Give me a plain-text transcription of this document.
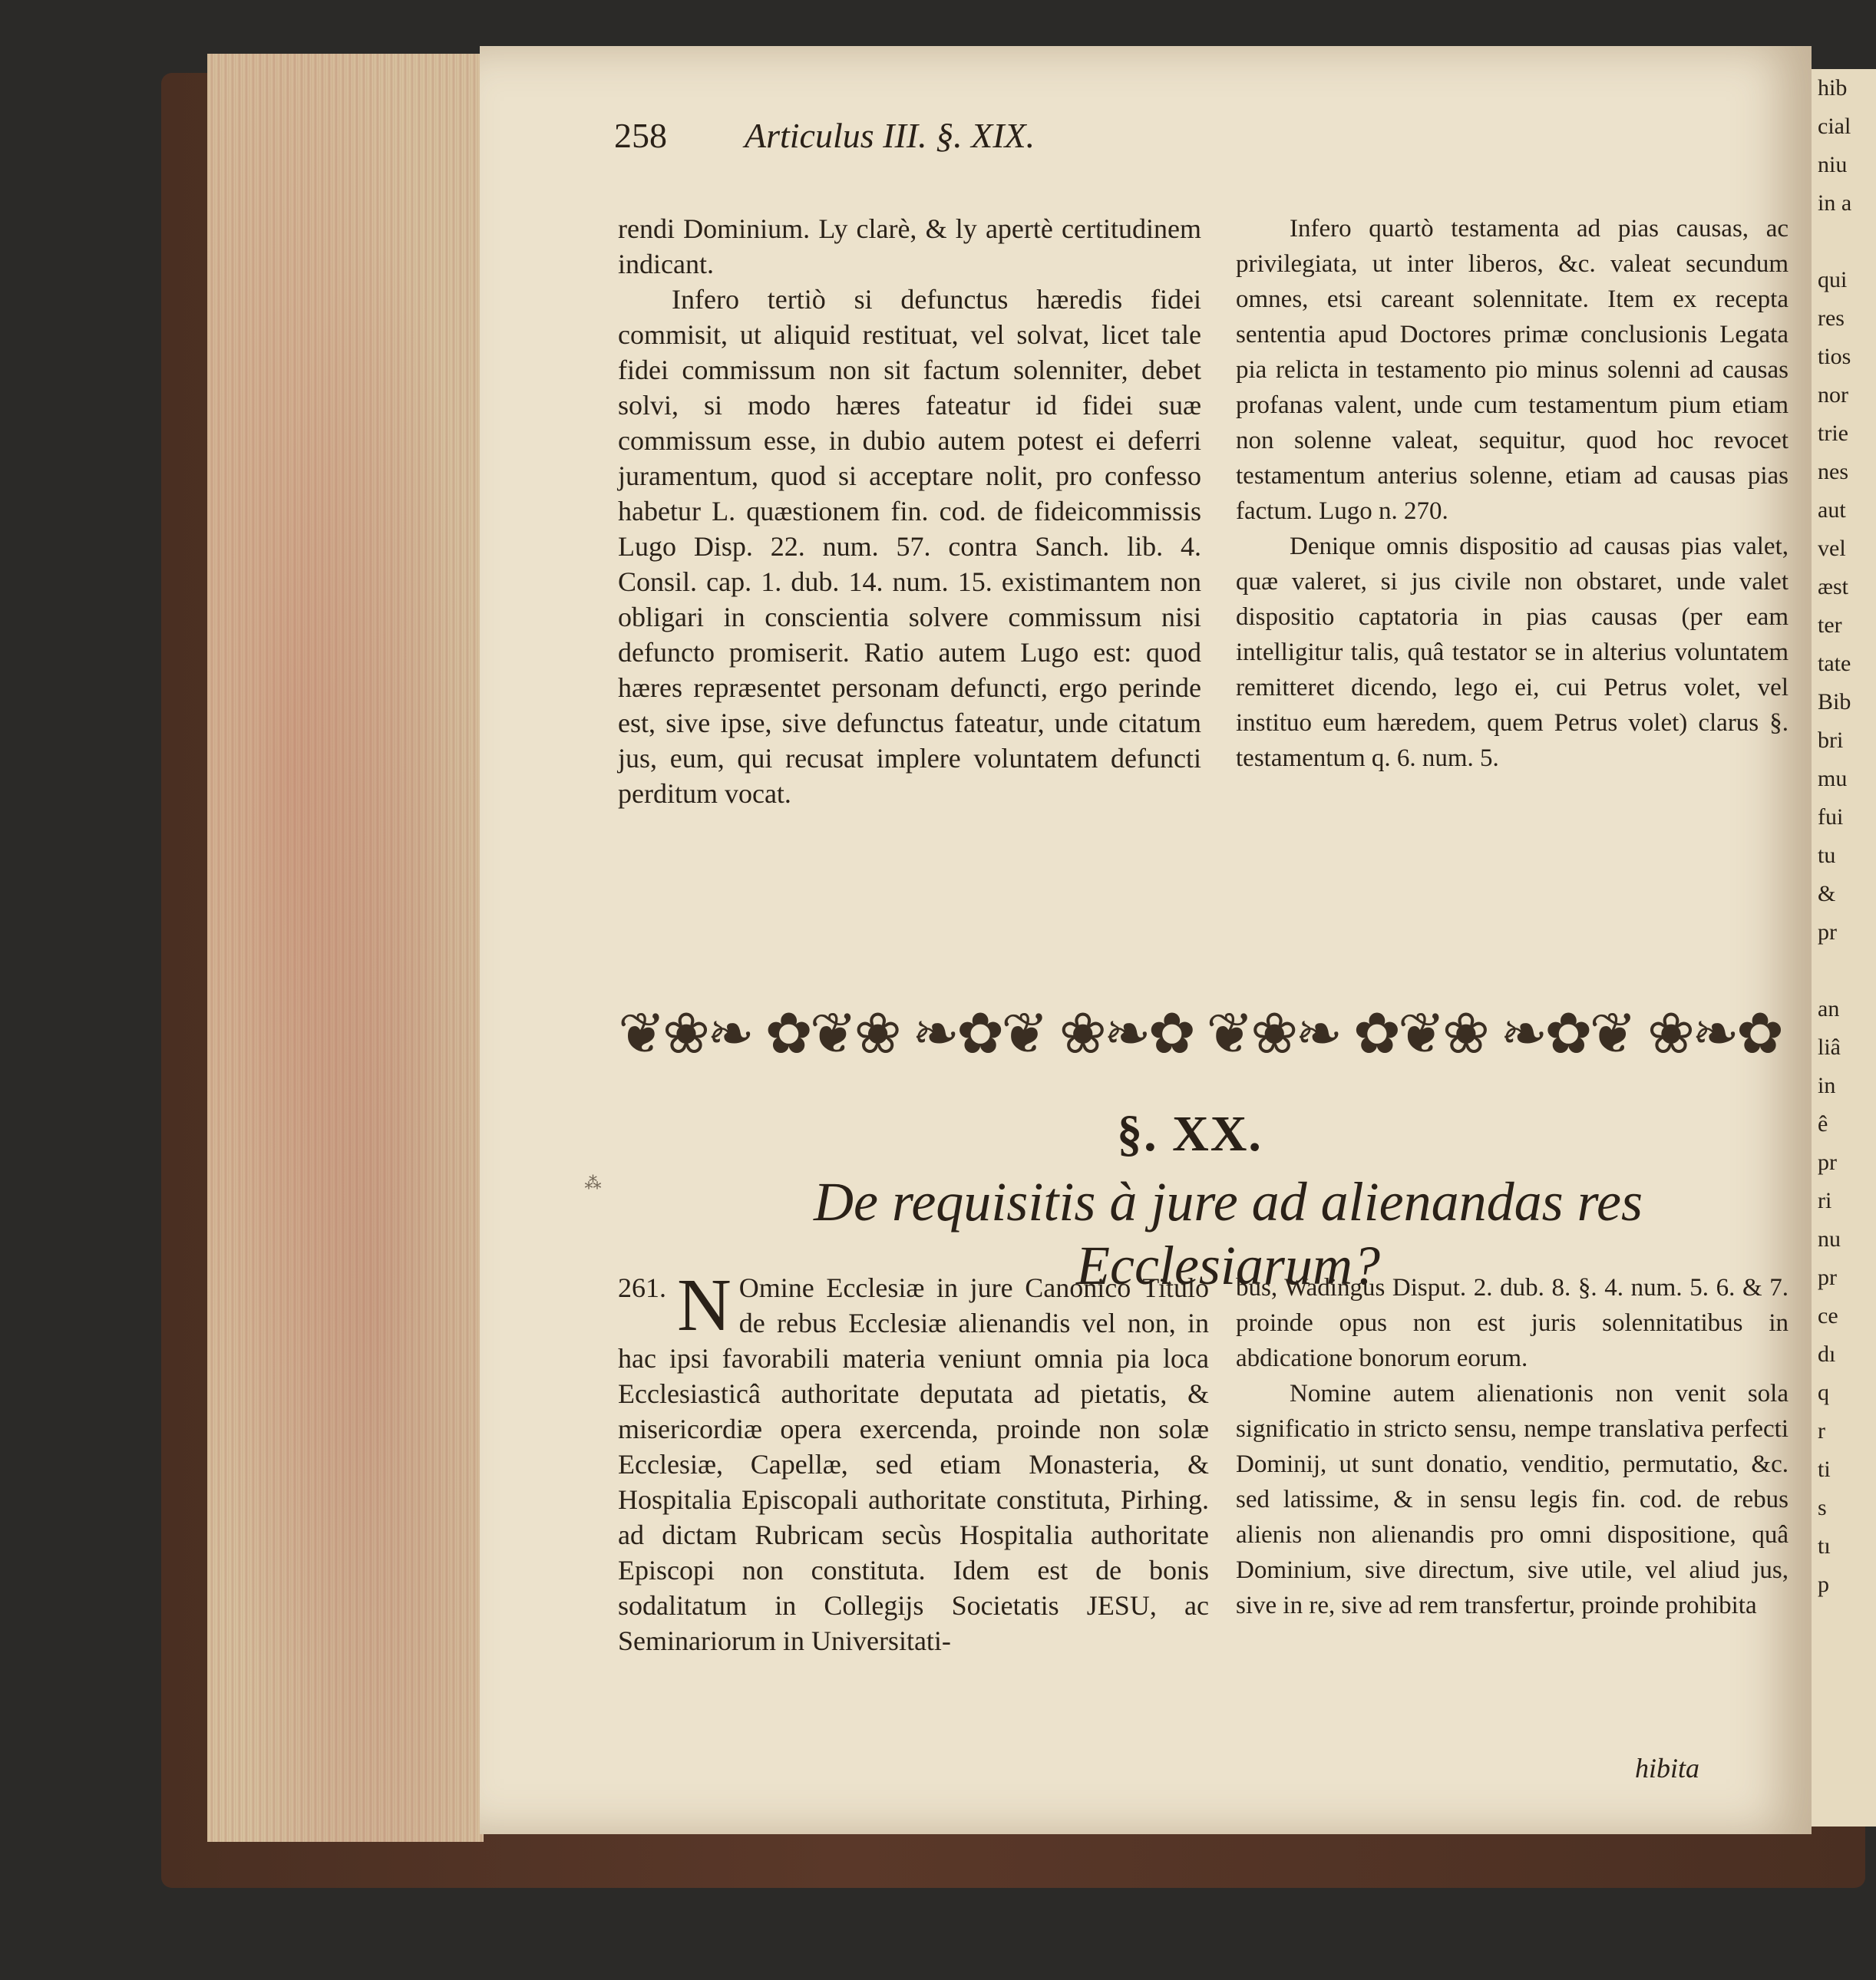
hib
cial
niu
in a

qui
res
tios
nor
trie
nes
aut
vel
æst
ter
tate
Bib
bri
mu
fui
tu
&
pr

an
liâ
in
ê
pr
ri
nu
pr
ce
dı
q
r
ti
s
tı
p
258	Articulus III. §. XIX.

rendi Dominium. Ly clarè, & ly apertè certitudinem indicant.

Infero tertiò si defunctus hæredis fidei commisit, ut aliquid restituat, vel solvat, licet tale fidei commissum non sit factum solenniter, debet solvi, si modo hæres fateatur id fidei suæ commissum esse, in dubio autem potest ei deferri juramentum, quod si acceptare nolit, pro confesso habetur L. quæstionem fin. cod. de fideicommissis Lugo Disp. 22. num. 57. contra Sanch. lib. 4. Consil. cap. 1. dub. 14. num. 15. existimantem non obligari in conscientia solvere commissum nisi defuncto promiserit. Ratio autem Lugo est: quod hæres repræsentet personam defuncti, ergo perinde est, sive ipse, sive defunctus fateatur, unde citatum jus, eum, qui recusat implere voluntatem defuncti perditum vocat.

Infero quartò testamenta ad pias causas, ac privilegiata, ut inter liberos, &c. valeat secundum omnes, etsi careant solennitate. Item ex recepta sententia apud Doctores primæ conclusionis Legata pia relicta in testamento pio minus solenni ad causas profanas valent, unde cum testamentum pium etiam non solenne valeat, sequitur, quod hoc revocet testamentum anterius solenne, etiam ad causas pias factum. Lugo n. 270.

Denique omnis dispositio ad causas pias valet, quæ valeret, si jus civile non obstaret, unde valet dispositio captatoria in pias causas (per eam intelligitur talis, quâ testator se in alterius voluntatem remitteret dicendo, lego ei, cui Petrus volet, vel instituo eum hæredem, quem Petrus volet) clarus §. testamentum q. 6. num. 5.

❦❀❧ ✿❦❀ ❧✿❦ ❀❧✿ ❦❀❧ ✿❦❀ ❧✿❦ ❀❧✿
§. XX.
De requisitis à jure ad alienandas res Ecclesiarum?
⁂

261. N Omine Ecclesiæ in jure Canonico Titulo de rebus Ecclesiæ alienandis vel non, in hac ipsi favorabili materia veniunt omnia pia loca Ecclesiasticâ authoritate deputata ad pietatis, & misericordiæ opera exercenda, proinde non solæ Ecclesiæ, Capellæ, sed etiam Monasteria, & Hospitalia Episcopali authoritate constituta, Pirhing. ad dictam Rubricam secùs Hospitalia authoritate Episcopi non constituta. Idem est de bonis sodalitatum in Collegijs Societatis JESU, ac Seminariorum in Universitati-

bus, Wadingus Disput. 2. dub. 8. §. 4. num. 5. 6. & 7. proinde opus non est juris solennitatibus in abdicatione bonorum eorum.

Nomine autem alienationis non venit sola significatio in stricto sensu, nempe translativa perfecti Dominij, ut sunt donatio, venditio, permutatio, &c. sed latissime, & in sensu legis fin. cod. de rebus alienis non alienandis pro omni dispositione, quâ Dominium, sive directum, sive utile, vel aliud jus, sive in re, sive ad rem transfertur, proinde prohibita

hibita
